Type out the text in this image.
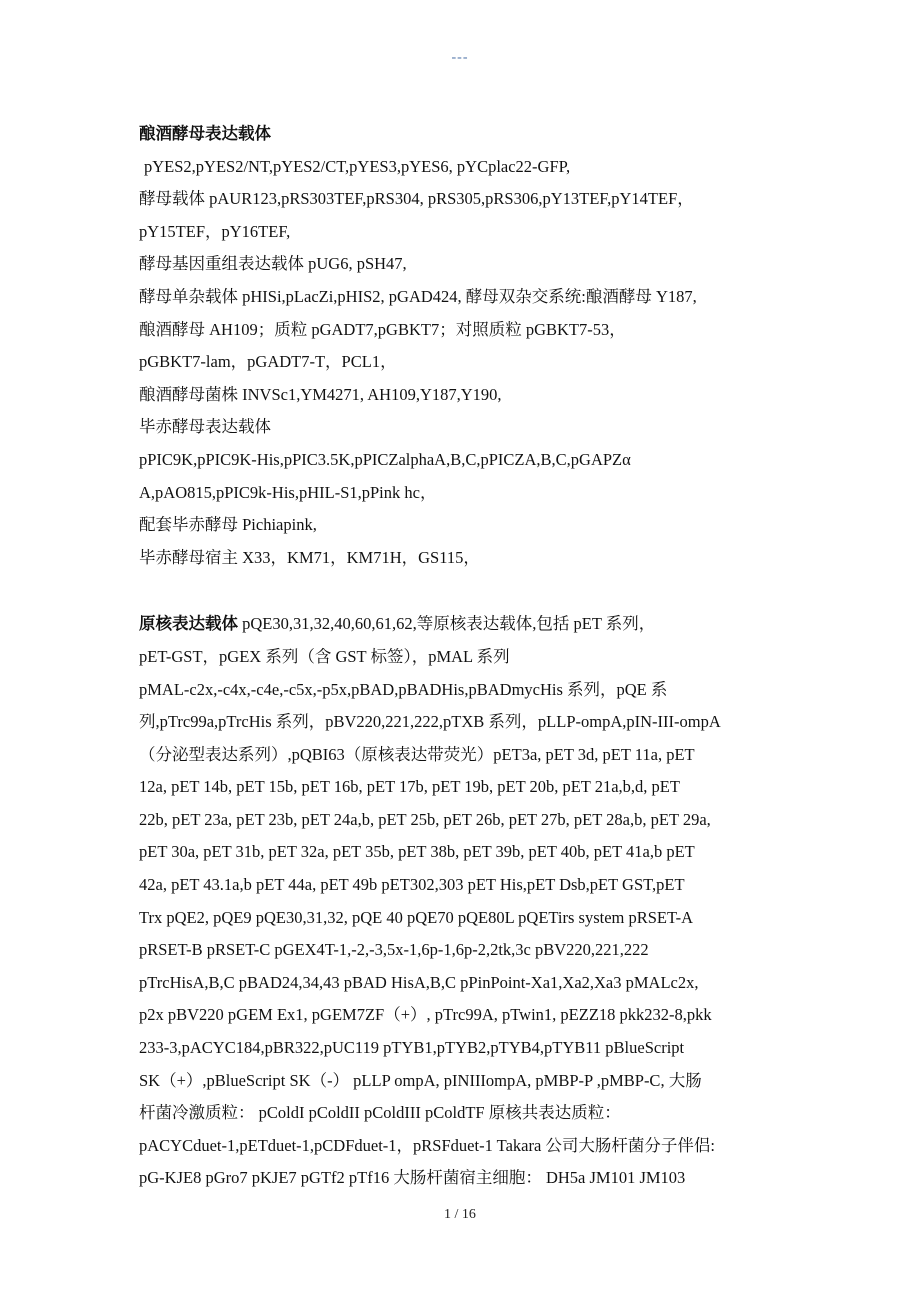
---
酿酒酵母表达载体
pYES2,pYES2/NT,pYES2/CT,pYES3,pYES6, pYCplac22-GFP,
酵母载体 pAUR123,pRS303TEF,pRS304, pRS305,pRS306,pY13TEF,pY14TEF，
pY15TEF，pY16TEF,
酵母基因重组表达载体 pUG6, pSH47,
酵母单杂载体 pHISi,pLacZi,pHIS2, pGAD424, 酵母双杂交系统:酿酒酵母 Y187,
酿酒酵母 AH109；质粒 pGADT7,pGBKT7；对照质粒 pGBKT7-53，
pGBKT7-lam，pGADT7-T，PCL1，
酿酒酵母菌株 INVSc1,YM4271, AH109,Y187,Y190,
毕赤酵母表达载体
pPIC9K,pPIC9K-His,pPIC3.5K,pPICZalphaA,B,C,pPICZA,B,C,pGAPZα
A,pAO815,pPIC9k-His,pHIL-S1,pPink hc，
配套毕赤酵母 Pichiapink,
毕赤酵母宿主 X33，KM71，KM71H，GS115，
原核表达载体 pQE30,31,32,40,60,61,62,等原核表达载体,包括 pET 系列，
pET-GST，pGEX 系列（含 GST 标签），pMAL 系列
pMAL-c2x,-c4x,-c4e,-c5x,-p5x,pBAD,pBADHis,pBADmycHis 系列，pQE 系
列,pTrc99a,pTrcHis 系列，pBV220,221,222,pTXB 系列，pLLP-ompA,pIN-III-ompA
（分泌型表达系列）,pQBI63（原核表达带荧光）pET3a, pET 3d, pET 11a, pET
12a, pET 14b, pET 15b, pET 16b, pET 17b, pET 19b, pET 20b, pET 21a,b,d, pET
22b, pET 23a, pET 23b, pET 24a,b, pET 25b, pET 26b, pET 27b, pET 28a,b, pET 29a,
pET 30a, pET 31b, pET 32a, pET 35b, pET 38b, pET 39b, pET 40b, pET 41a,b pET
42a, pET 43.1a,b pET 44a, pET 49b pET302,303 pET His,pET Dsb,pET GST,pET
Trx pQE2, pQE9 pQE30,31,32, pQE 40 pQE70 pQE80L pQETirs system pRSET-A
pRSET-B pRSET-C pGEX4T-1,-2,-3,5x-1,6p-1,6p-2,2tk,3c pBV220,221,222
pTrcHisA,B,C pBAD24,34,43 pBAD HisA,B,C pPinPoint-Xa1,Xa2,Xa3 pMALc2x,
p2x pBV220 pGEM Ex1, pGEM7ZF（+）, pTrc99A, pTwin1, pEZZ18 pkk232-8,pkk
233-3,pACYC184,pBR322,pUC119 pTYB1,pTYB2,pTYB4,pTYB11 pBlueScript
SK（+）,pBlueScript SK（-） pLLP ompA, pINIIIompA, pMBP-P ,pMBP-C, 大肠
杆菌冷激质粒： pColdI pColdII pColdIII pColdTF 原核共表达质粒：
pACYCduet-1,pETduet-1,pCDFduet-1，pRSFduet-1 Takara 公司大肠杆菌分子伴侣:
pG-KJE8 pGro7 pKJE7 pGTf2 pTf16 大肠杆菌宿主细胞： DH5a JM101 JM103
1 / 16
